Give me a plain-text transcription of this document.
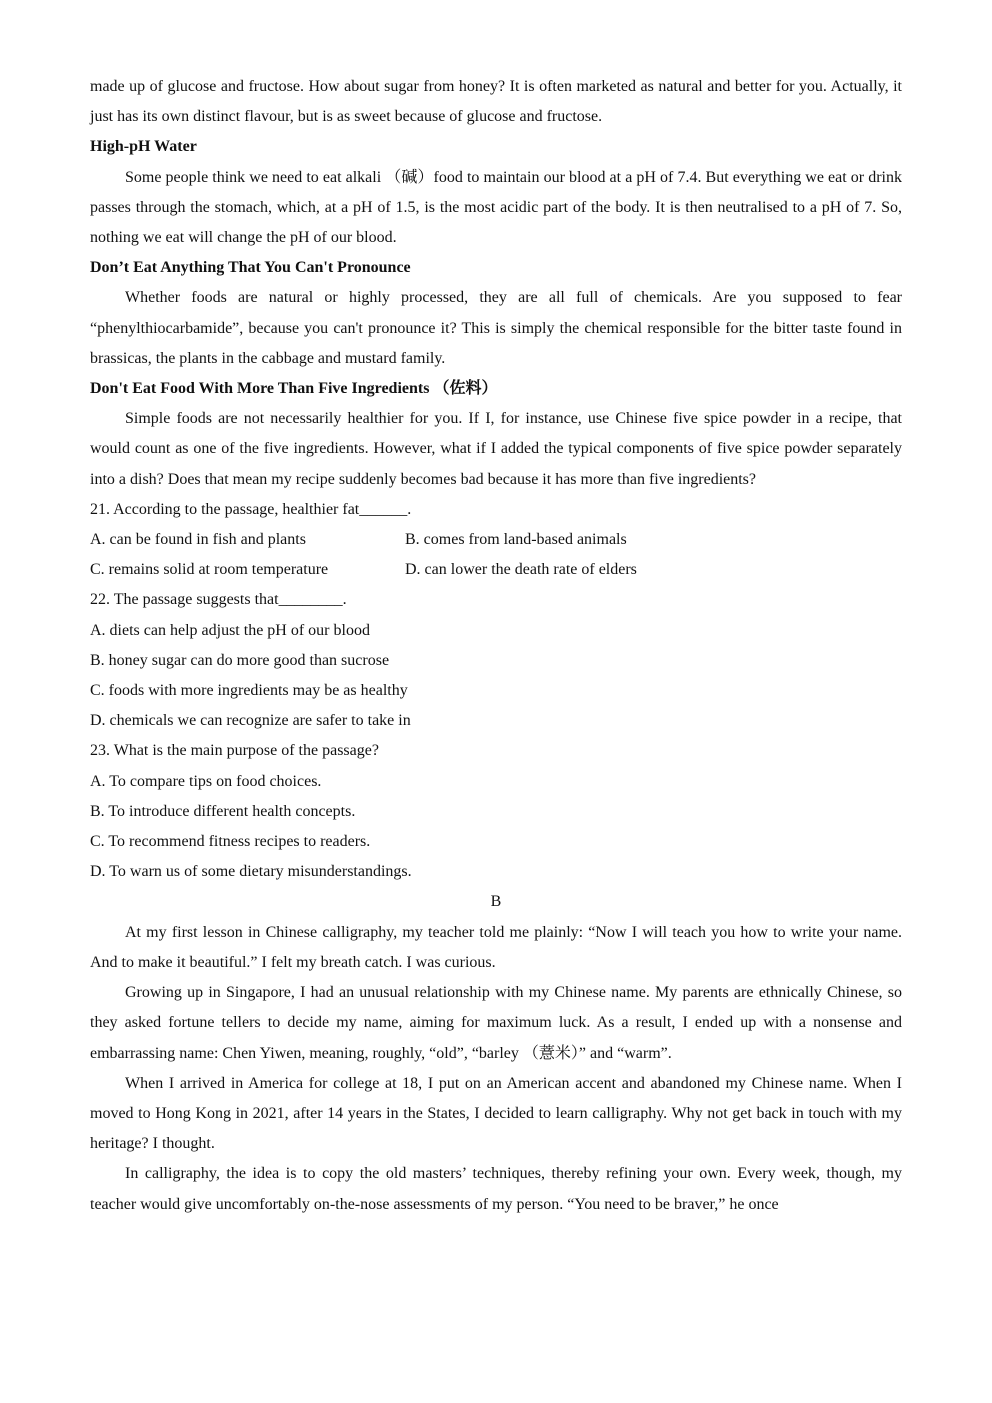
made up of glucose and fructose. How about sugar from honey? It is often marketed as natural and better for you. Actually, it just has its own distinct flavour, but is as sweet because of glucose and fructose.

High-pH Water

Some people think we need to eat alkali （碱）food to maintain our blood at a pH of 7.4. But everything we eat or drink passes through the stomach, which, at a pH of 1.5, is the most acidic part of the body. It is then neutralised to a pH of 7. So, nothing we eat will change the pH of our blood.

Don’t Eat Anything That You Can't Pronounce

Whether foods are natural or highly processed, they are all full of chemicals. Are you supposed to fear “phenylthiocarbamide”, because you can't pronounce it? This is simply the chemical responsible for the bitter taste found in brassicas, the plants in the cabbage and mustard family.

Don't Eat Food With More Than Five Ingredients （佐料）

Simple foods are not necessarily healthier for you. If I, for instance, use Chinese five spice powder in a recipe, that would count as one of the five ingredients. However, what if I added the typical components of five spice powder separately into a dish? Does that mean my recipe suddenly becomes bad because it has more than five ingredients?

21. According to the passage, healthier fat______.

A. can be found in fish and plants	B. comes from land-based animals
C. remains solid at room temperature	D. can lower the death rate of elders

22. The passage suggests that________.

A. diets can help adjust the pH of our blood

B. honey sugar can do more good than sucrose

C. foods with more ingredients may be as healthy

D. chemicals we can recognize are safer to take in

23. What is the main purpose of the passage?

A. To compare tips on food choices.

B. To introduce different health concepts.

C. To recommend fitness recipes to readers.

D. To warn us of some dietary misunderstandings.

B

At my first lesson in Chinese calligraphy, my teacher told me plainly: “Now I will teach you how to write your name. And to make it beautiful.” I felt my breath catch. I was curious.

Growing up in Singapore, I had an unusual relationship with my Chinese name. My parents are ethnically Chinese, so they asked fortune tellers to decide my name, aiming for maximum luck. As a result, I ended up with a nonsense and embarrassing name: Chen Yiwen, meaning, roughly, “old”, “barley （薏米）” and “warm”.

When I arrived in America for college at 18, I put on an American accent and abandoned my Chinese name. When I moved to Hong Kong in 2021, after 14 years in the States, I decided to learn calligraphy. Why not get back in touch with my heritage? I thought.

In calligraphy, the idea is to copy the old masters’ techniques, thereby refining your own. Every week, though, my teacher would give uncomfortably on-the-nose assessments of my person. “You need to be braver,” he once
